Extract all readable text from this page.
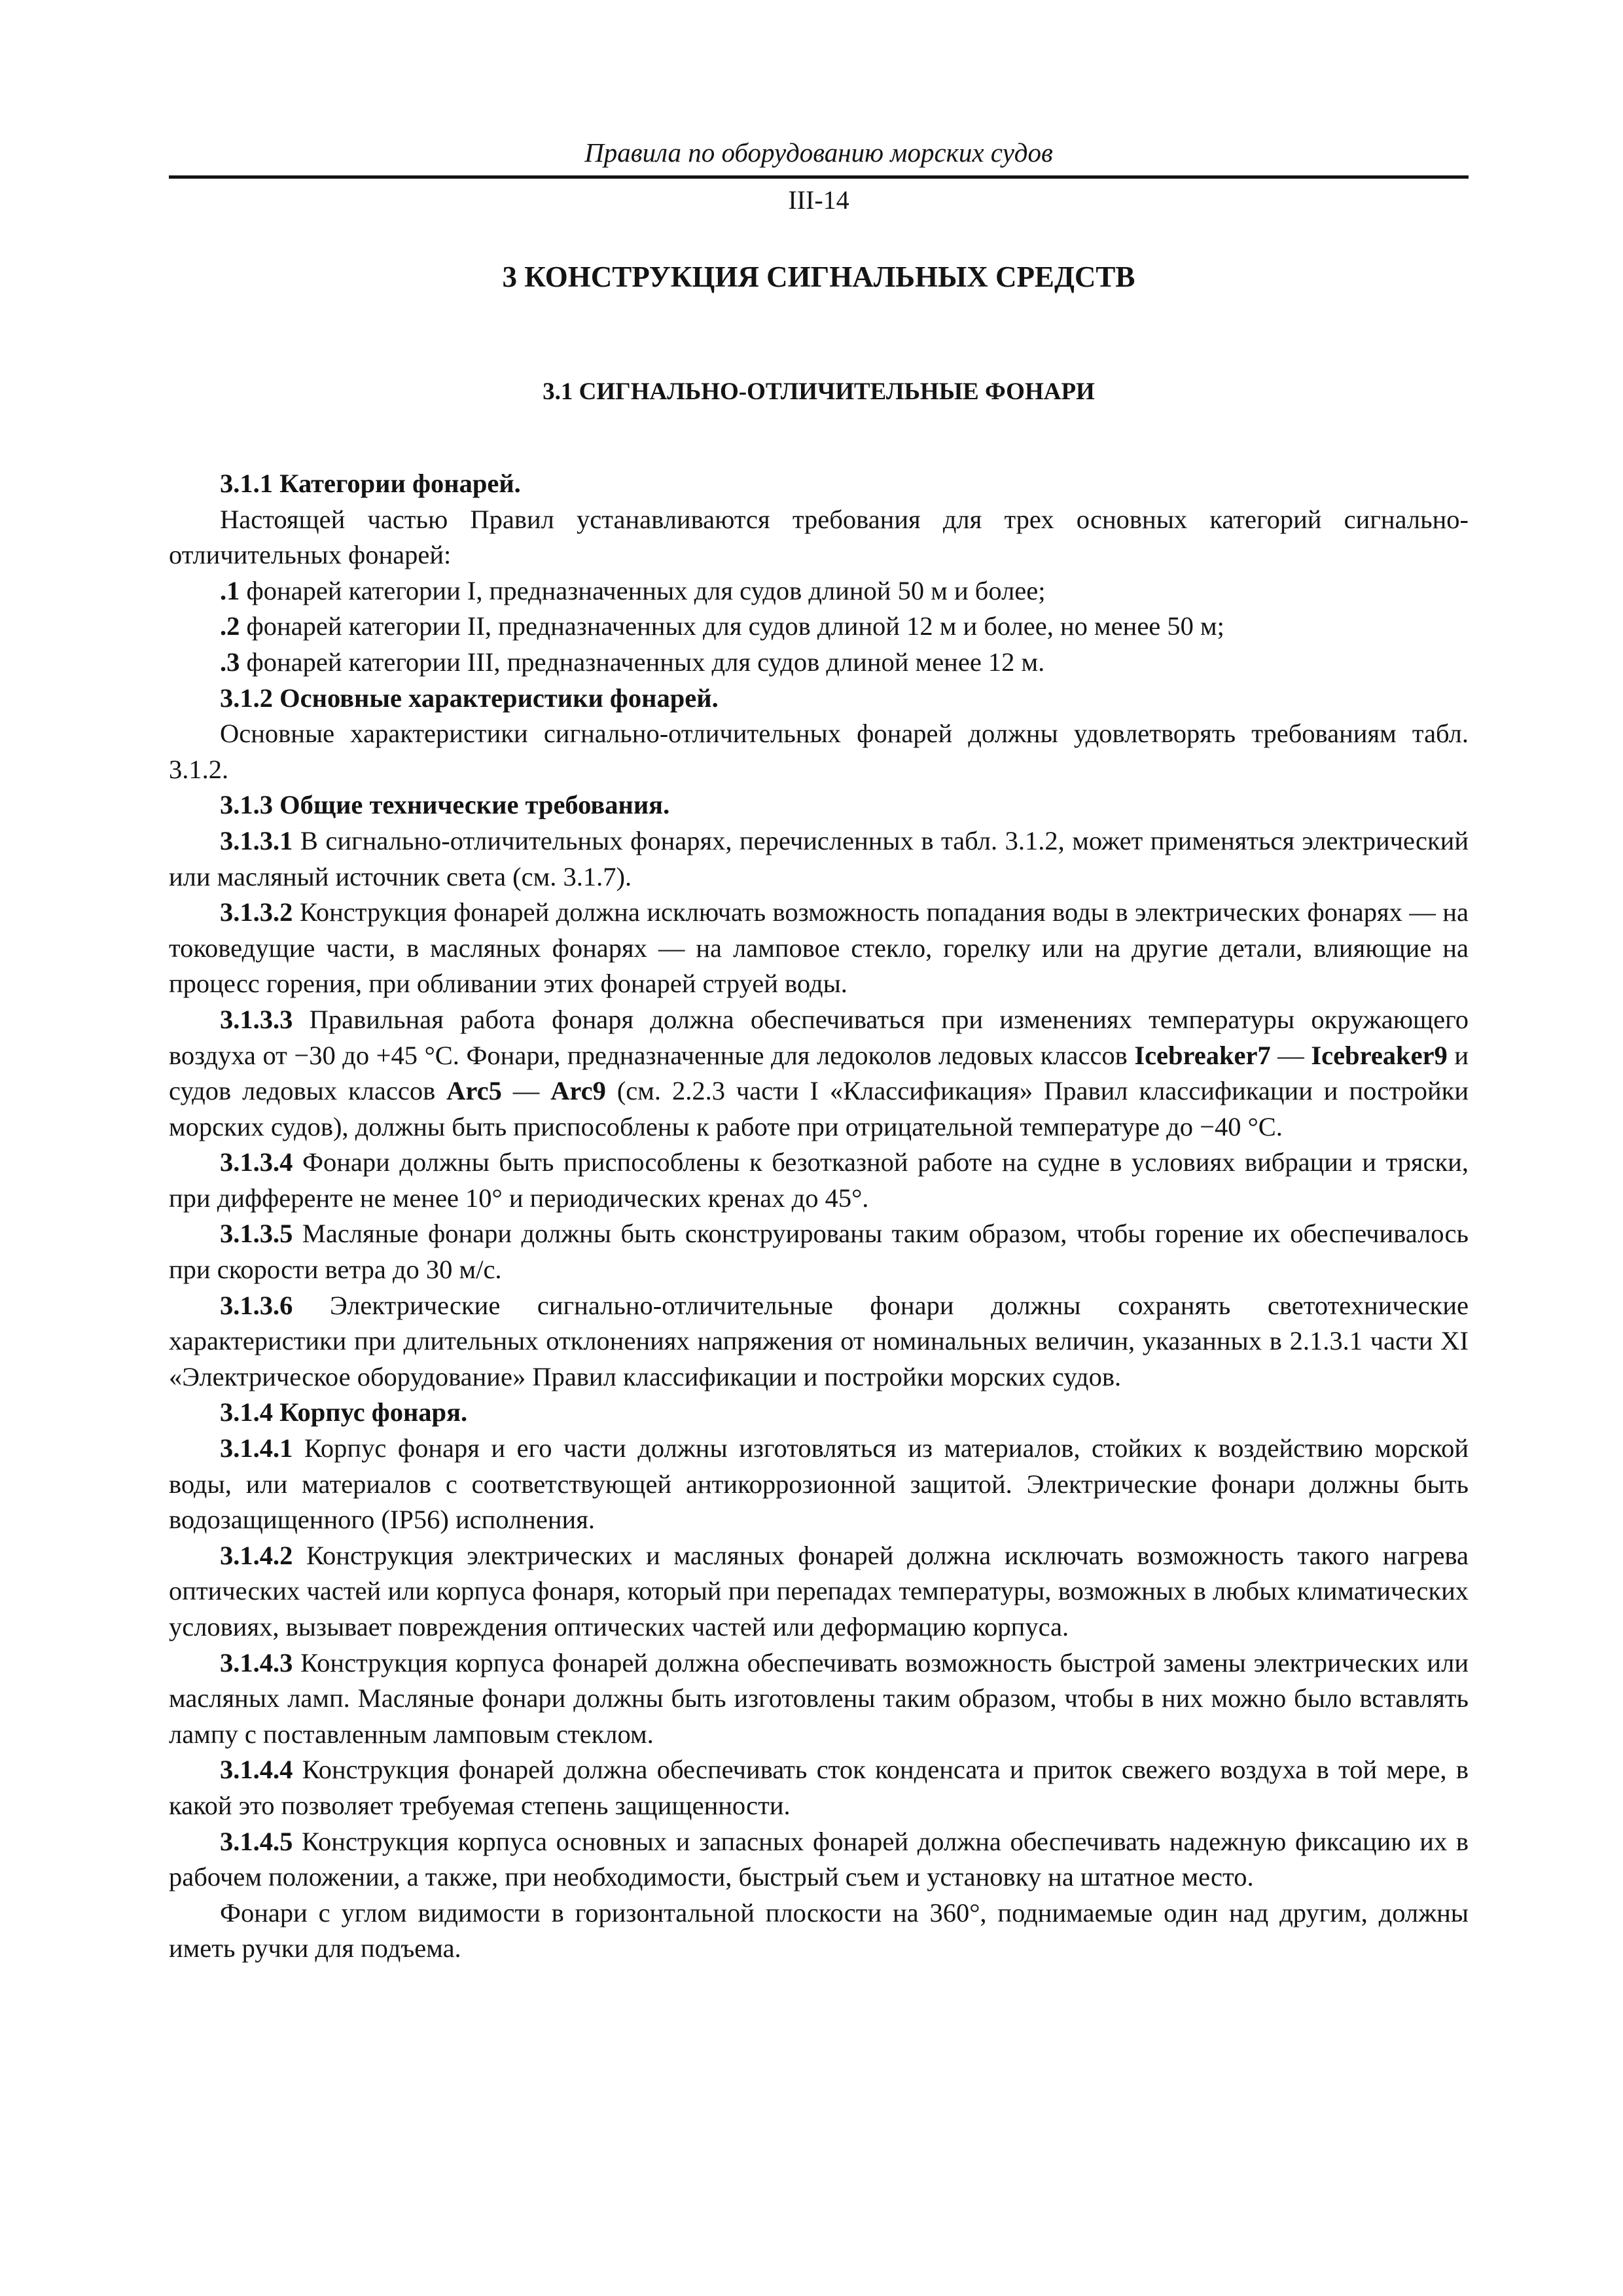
Правила по оборудованию морских судов
III-14
3 КОНСТРУКЦИЯ СИГНАЛЬНЫХ СРЕДСТВ
3.1 СИГНАЛЬНО-ОТЛИЧИТЕЛЬНЫЕ ФОНАРИ

3.1.1 Категории фонарей.

Настоящей частью Правил устанавливаются требования для трех основных категорий сигнально-отличительных фонарей:

.1 фонарей категории I, предназначенных для судов длиной 50 м и более;

.2 фонарей категории II, предназначенных для судов длиной 12 м и более, но менее 50 м;

.3 фонарей категории III, предназначенных для судов длиной менее 12 м.

3.1.2 Основные характеристики фонарей.

Основные характеристики сигнально-отличительных фонарей должны удовлетворять требованиям табл. 3.1.2.

3.1.3 Общие технические требования.

3.1.3.1 В сигнально-отличительных фонарях, перечисленных в табл. 3.1.2, может применяться электрический или масляный источник света (см. 3.1.7).

3.1.3.2 Конструкция фонарей должна исключать возможность попадания воды в электрических фонарях — на токоведущие части, в масляных фонарях — на ламповое стекло, горелку или на другие детали, влияющие на процесс горения, при обливании этих фонарей струей воды.

3.1.3.3 Правильная работа фонаря должна обеспечиваться при изменениях температуры окружающего воздуха от −30 до +45 °С. Фонари, предназначенные для ледоколов ледовых классов Icebreaker7 — Icebreaker9 и судов ледовых классов Arc5 — Arc9 (см. 2.2.3 части I «Классификация» Правил классификации и постройки морских судов), должны быть приспособлены к работе при отрицательной температуре до −40 °С.

3.1.3.4 Фонари должны быть приспособлены к безотказной работе на судне в условиях вибрации и тряски, при дифференте не менее 10° и периодических кренах до 45°.

3.1.3.5 Масляные фонари должны быть сконструированы таким образом, чтобы горение их обеспечивалось при скорости ветра до 30 м/с.

3.1.3.6 Электрические сигнально-отличительные фонари должны сохранять светотехнические характеристики при длительных отклонениях напряжения от номинальных величин, указанных в 2.1.3.1 части XI «Электрическое оборудование» Правил классификации и постройки морских судов.

3.1.4 Корпус фонаря.

3.1.4.1 Корпус фонаря и его части должны изготовляться из материалов, стойких к воздействию морской воды, или материалов с соответствующей антикоррозионной защитой. Электрические фонари должны быть водозащищенного (IP56) исполнения.

3.1.4.2 Конструкция электрических и масляных фонарей должна исключать возможность такого нагрева оптических частей или корпуса фонаря, который при перепадах температуры, возможных в любых климатических условиях, вызывает повреждения оптических частей или деформацию корпуса.

3.1.4.3 Конструкция корпуса фонарей должна обеспечивать возможность быстрой замены электрических или масляных ламп. Масляные фонари должны быть изготовлены таким образом, чтобы в них можно было вставлять лампу с поставленным ламповым стеклом.

3.1.4.4 Конструкция фонарей должна обеспечивать сток конденсата и приток свежего воздуха в той мере, в какой это позволяет требуемая степень защищенности.

3.1.4.5 Конструкция корпуса основных и запасных фонарей должна обеспечивать надежную фиксацию их в рабочем положении, а также, при необходимости, быстрый съем и установку на штатное место.

Фонари с углом видимости в горизонтальной плоскости на 360°, поднимаемые один над другим, должны иметь ручки для подъема.
